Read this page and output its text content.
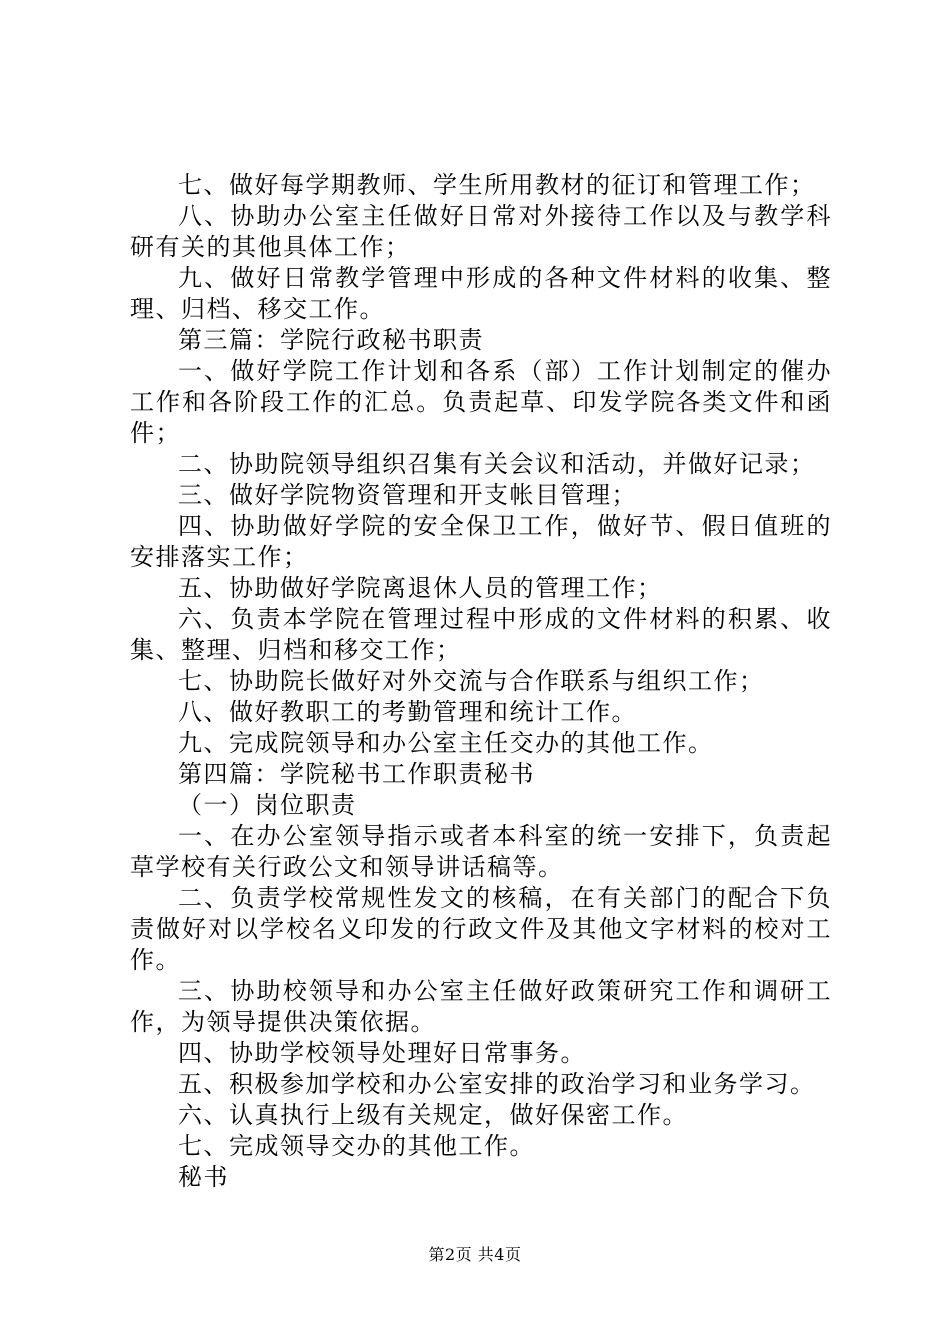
七、做好每学期教师、学生所用教材的征订和管理工作；

八、协助办公室主任做好日常对外接待工作以及与教学科研有关的其他具体工作；

九、做好日常教学管理中形成的各种文件材料的收集、整理、归档、移交工作。

第三篇：学院行政秘书职责

一、做好学院工作计划和各系（部）工作计划制定的催办工作和各阶段工作的汇总。负责起草、印发学院各类文件和函件；

二、协助院领导组织召集有关会议和活动，并做好记录；

三、做好学院物资管理和开支帐目管理；

四、协助做好学院的安全保卫工作，做好节、假日值班的安排落实工作；

五、协助做好学院离退休人员的管理工作；

六、负责本学院在管理过程中形成的文件材料的积累、收集、整理、归档和移交工作；

七、协助院长做好对外交流与合作联系与组织工作；

八、做好教职工的考勤管理和统计工作。

九、完成院领导和办公室主任交办的其他工作。

第四篇：学院秘书工作职责秘书

（一）岗位职责

一、在办公室领导指示或者本科室的统一安排下，负责起草学校有关行政公文和领导讲话稿等。

二、负责学校常规性发文的核稿，在有关部门的配合下负责做好对以学校名义印发的行政文件及其他文字材料的校对工作。

三、协助校领导和办公室主任做好政策研究工作和调研工作，为领导提供决策依据。

四、协助学校领导处理好日常事务。

五、积极参加学校和办公室安排的政治学习和业务学习。

六、认真执行上级有关规定，做好保密工作。

七、完成领导交办的其他工作。

秘书

第2页 共4页
